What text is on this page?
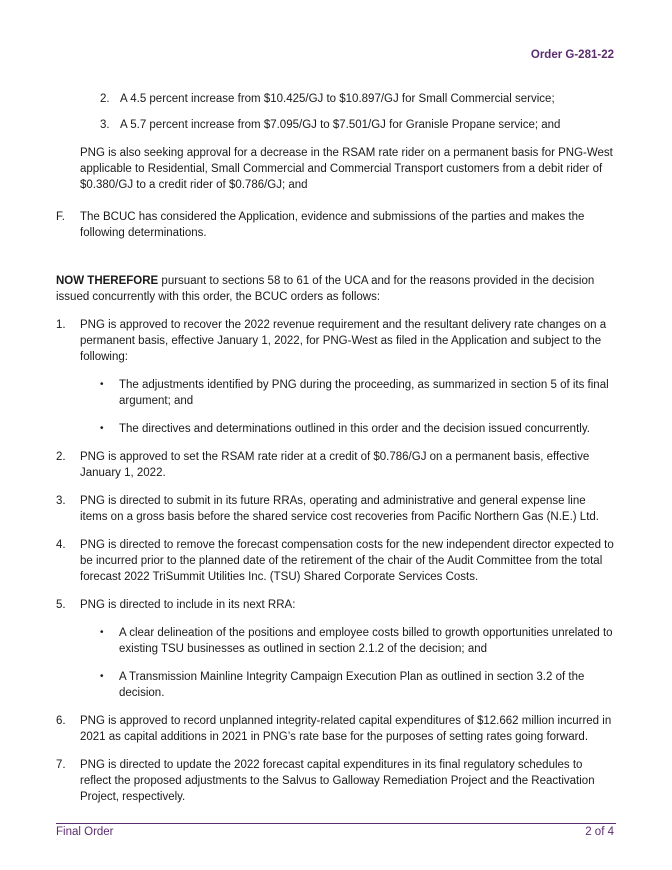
Order G-281-22
2. A 4.5 percent increase from $10.425/GJ to $10.897/GJ for Small Commercial service;
3. A 5.7 percent increase from $7.095/GJ to $7.501/GJ for Granisle Propane service; and
PNG is also seeking approval for a decrease in the RSAM rate rider on a permanent basis for PNG-West applicable to Residential, Small Commercial and Commercial Transport customers from a debit rider of $0.380/GJ to a credit rider of $0.786/GJ; and
F.	The BCUC has considered the Application, evidence and submissions of the parties and makes the following determinations.
NOW THEREFORE pursuant to sections 58 to 61 of the UCA and for the reasons provided in the decision issued concurrently with this order, the BCUC orders as follows:
1.	PNG is approved to recover the 2022 revenue requirement and the resultant delivery rate changes on a permanent basis, effective January 1, 2022, for PNG-West as filed in the Application and subject to the following:
•	The adjustments identified by PNG during the proceeding, as summarized in section 5 of its final argument; and
•	The directives and determinations outlined in this order and the decision issued concurrently.
2.	PNG is approved to set the RSAM rate rider at a credit of $0.786/GJ on a permanent basis, effective January 1, 2022.
3.	PNG is directed to submit in its future RRAs, operating and administrative and general expense line items on a gross basis before the shared service cost recoveries from Pacific Northern Gas (N.E.) Ltd.
4.	PNG is directed to remove the forecast compensation costs for the new independent director expected to be incurred prior to the planned date of the retirement of the chair of the Audit Committee from the total forecast 2022 TriSummit Utilities Inc. (TSU) Shared Corporate Services Costs.
5.	PNG is directed to include in its next RRA:
•	A clear delineation of the positions and employee costs billed to growth opportunities unrelated to existing TSU businesses as outlined in section 2.1.2 of the decision; and
•	A Transmission Mainline Integrity Campaign Execution Plan as outlined in section 3.2 of the decision.
6.	PNG is approved to record unplanned integrity-related capital expenditures of $12.662 million incurred in 2021 as capital additions in 2021 in PNG’s rate base for the purposes of setting rates going forward.
7.	PNG is directed to update the 2022 forecast capital expenditures in its final regulatory schedules to reflect the proposed adjustments to the Salvus to Galloway Remediation Project and the Reactivation Project, respectively.
Final Order	2 of 4
